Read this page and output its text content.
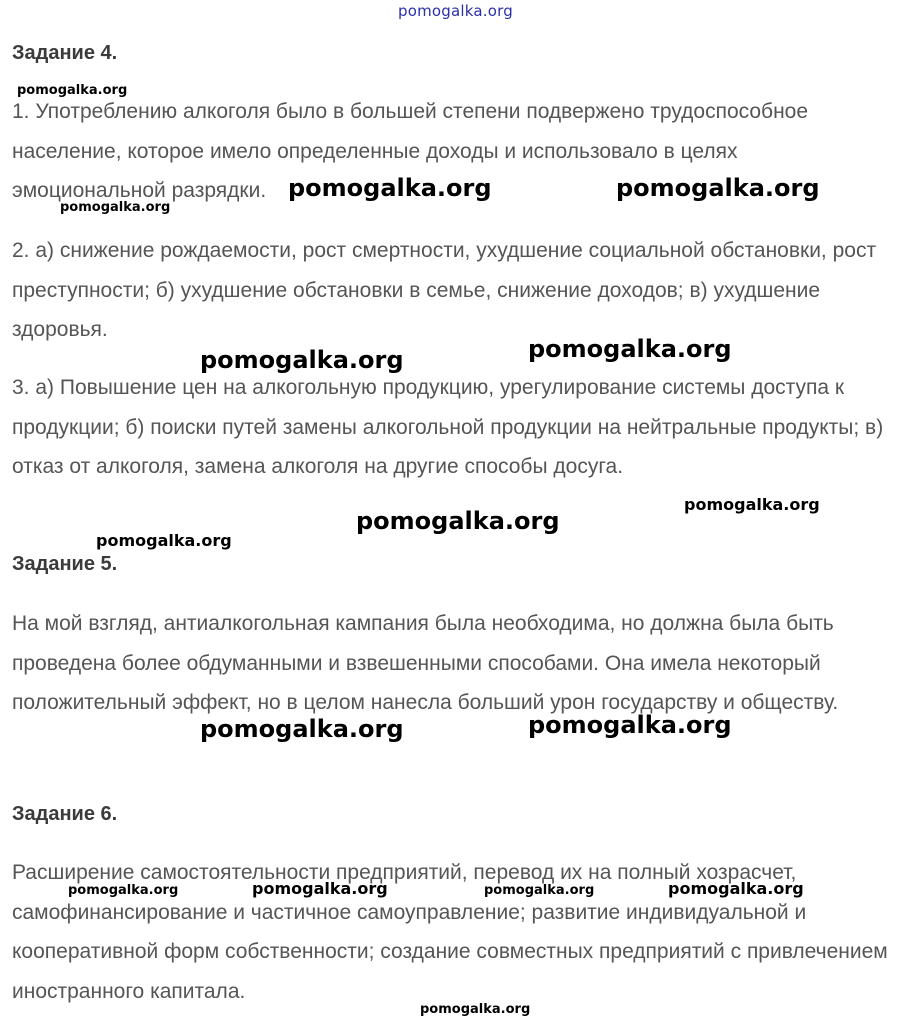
pomogalka.org
Задание 4.

1. Употреблению алкоголя было в большей степени подвержено трудоспособное население, которое имело определенные доходы и использовало в целях эмоциональной разрядки.

2. а) снижение рождаемости, рост смертности, ухудшение социальной обстановки, рост преступности; б) ухудшение обстановки в семье, снижение доходов; в) ухудшение здоровья.

3. а) Повышение цен на алкогольную продукцию, урегулирование системы доступа к продукции; б) поиски путей замены алкогольной продукции на нейтральные продукты; в) отказ от алкоголя, замена алкоголя на другие способы досуга.

Задание 5.

На мой взгляд, антиалкогольная кампания была необходима, но должна была быть проведена более обдуманными и взвешенными способами. Она имела некоторый положительный эффект, но в целом нанесла больший урон государству и обществу.

Задание 6.

Расширение самостоятельности предприятий, перевод их на полный хозрасчет, самофинансирование и частичное самоуправление; развитие индивидуальной и кооперативной форм собственности; создание совместных предприятий с привлечением иностранного капитала.

pomogalka.org
pomogalka.org	pomogalka.org
pomogalka.org
pomogalka.org	pomogalka.org
pomogalka.org
pomogalka.org
pomogalka.org
pomogalka.org	pomogalka.org
pomogalka.org	pomogalka.org	pomogalka.org	pomogalka.org
pomogalka.org
